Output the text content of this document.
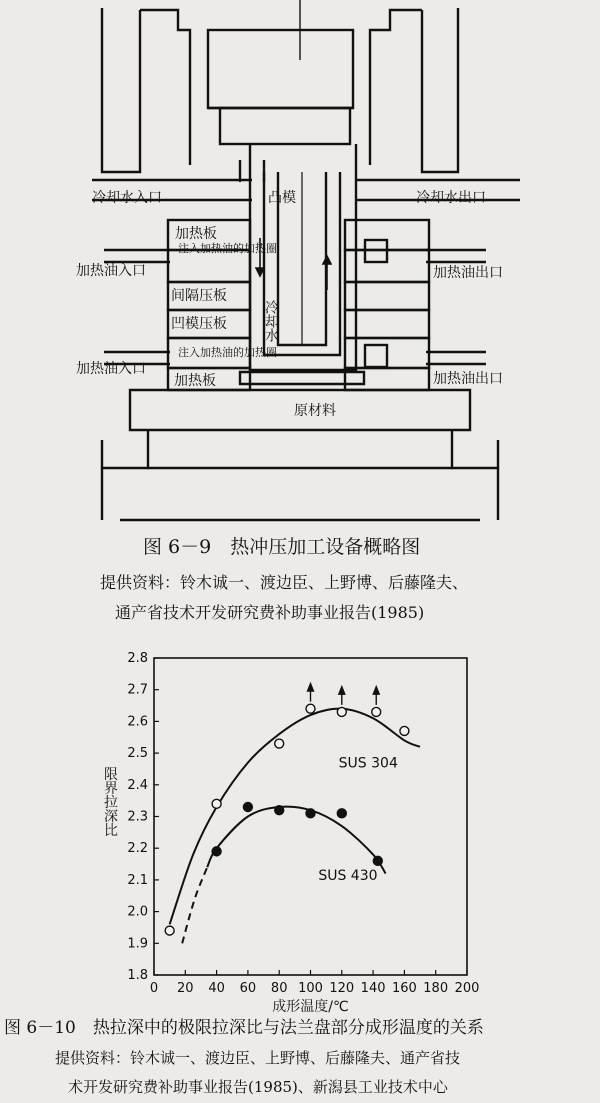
冷却水入口	凸模	冷却水出口
加热板
注入加热油的加热圈
加热油入口	加热油出口
间隔压板
冷却水
凹模压板
注入加热油的加热圈
加热油入口
加热油出口
加热板
原材料
0 20 40 60 80 100 120 140 160 180 200
1.8
1.9
2.0
2.1
2.2
2.3
2.4
2.5
2.6
2.7
2.8
成形温度/℃
限界拉深比
SUS 304
SUS 430
图 6－9　热冲压加工设备概略图
提供资料：铃木诚一、渡边臣、上野博、后藤隆夫、
通产省技术开发研究费补助事业报告(1985)
图 6－10　热拉深中的极限拉深比与法兰盘部分成形温度的关系
提供资料：铃木诚一、渡边臣、上野博、后藤隆夫、通产省技
术开发研究费补助事业报告(1985)、新潟县工业技术中心
